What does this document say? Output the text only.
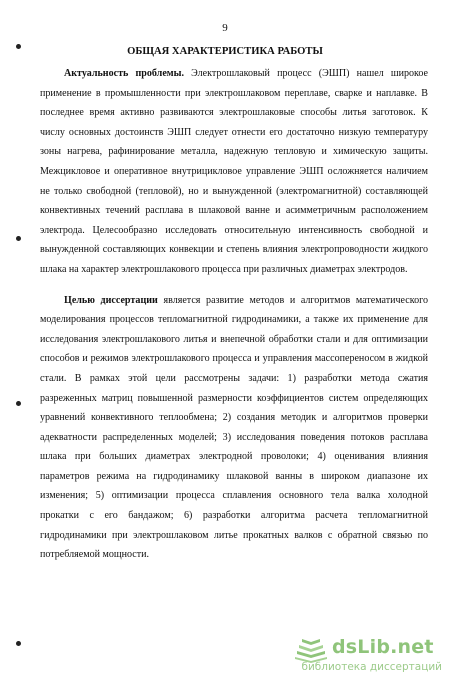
9
ОБЩАЯ ХАРАКТЕРИСТИКА РАБОТЫ

Актуальность проблемы. Электрошлаковый процесс (ЭШП) нашел широкое применение в промышленности при электрошлаковом переплаве, сварке и наплавке. В последнее время активно развиваются электрошлаковые способы литья заготовок. К числу основных достоинств ЭШП следует отнести его достаточно низкую температуру зоны нагрева, рафинирование металла, надежную тепловую и химическую защиты. Межцикловое и оперативное внутрицикловое управление ЭШП осложняется наличием не только свободной (тепловой), но и вынужденной (электромагнитной) составляющей конвективных течений расплава в шлаковой ванне и асимметричным расположением электрода. Целесообразно исследовать относительную интенсивность свободной и вынужденной составляющих конвекции и степень влияния электропроводности жидкого шлака на характер электрошлакового процесса при различных диаметрах электродов.

Целью диссертации является развитие методов и алгоритмов математического моделирования процессов тепломагнитной гидродинамики, а также их применение для исследования электрошлакового литья и внепечной обработки стали и для оптимизации способов и режимов электрошлакового процесса и управления массопереносом в жидкой стали. В рамках этой цели рассмотрены задачи: 1) разработки метода сжатия разреженных матриц повышенной размерности коэффициентов систем определяющих уравнений конвективного теплообмена; 2) создания методик и алгоритмов проверки адекватности распределенных моделей; 3) исследования поведения потоков расплава шлака при больших диаметрах электродной проволоки; 4) оценивания влияния параметров режима на гидродинамику шлаковой ванны в широком диапазоне их изменения; 5) оптимизации процесса сплавления основного тела валка холодной прокатки с его бандажом; 6) разработки алгоритма расчета тепломагнитной гидродинамики при электрошлаковом литье прокатных валков с обратной связью по потребляемой мощности.

dsLib.net
библиотека диссертаций
